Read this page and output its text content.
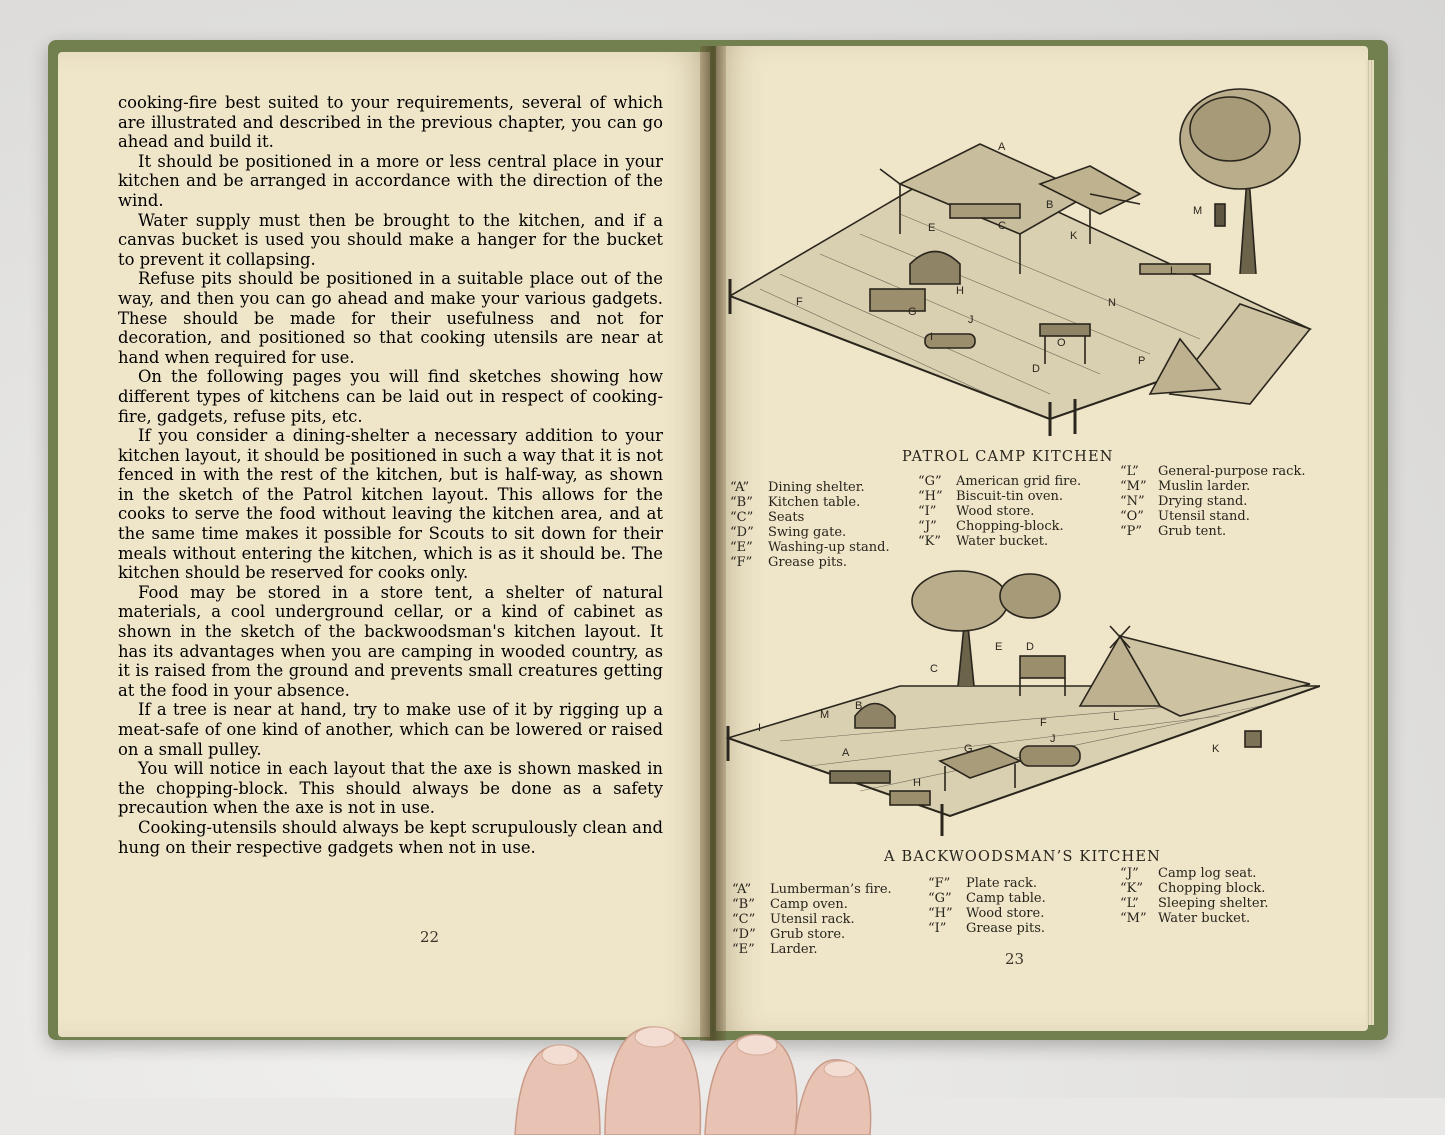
cooking-fire best suited to your requirements, several of which are illustrated and described in the previous chapter, you can go ahead and build it.

It should be positioned in a more or less central place in your kitchen and be arranged in accordance with the direction of the wind.

Water supply must then be brought to the kitchen, and if a canvas bucket is used you should make a hanger for the bucket to prevent it collapsing.

Refuse pits should be positioned in a suitable place out of the way, and then you can go ahead and make your various gadgets. These should be made for their usefulness and not for decoration, and positioned so that cooking utensils are near at hand when required for use.

On the following pages you will find sketches showing how different types of kitchens can be laid out in respect of cooking-fire, gadgets, refuse pits, etc.

If you consider a dining-shelter a necessary addition to your kitchen layout, it should be positioned in such a way that it is not fenced in with the rest of the kitchen, but is half-way, as shown in the sketch of the Patrol kitchen layout. This allows for the cooks to serve the food without leaving the kitchen area, and at the same time makes it possible for Scouts to sit down for their meals without entering the kitchen, which is as it should be. The kitchen should be reserved for cooks only.

Food may be stored in a store tent, a shelter of natural materials, a cool underground cellar, or a kind of cabinet as shown in the sketch of the backwoodsman's kitchen layout. It has its advantages when you are camping in wooded country, as it is raised from the ground and prevents small creatures getting at the food in your absence.

If a tree is near at hand, try to make use of it by rigging up a meat-safe of one kind of another, which can be lowered or raised on a small pulley.

You will notice in each layout that the axe is shown masked in the chopping-block. This should always be done as a safety precaution when the axe is not in use.

Cooking-utensils should always be kept scrupulously clean and hung on their respective gadgets when not in use.

22
A
B
C
D
E
F
G
H
I
J
K
L
M
N
O
P
PATROL CAMP KITCHEN
“A” Dining shelter.
“B” Kitchen table.
“C” Seats
“D” Swing gate.
“E” Washing-up stand.
“F” Grease pits.
“G” American grid fire.
“H” Biscuit-tin oven.
“I” Wood store.
“J” Chopping-block.
“K” Water bucket.
“L” General-purpose rack.
“M” Muslin larder.
“N” Drying stand.
“O” Utensil stand.
“P” Grub tent.
A
B
C
D
E
F
G
H
I
J
K
L
M
A BACKWOODSMAN’S KITCHEN
“A” Lumberman’s fire.
“B” Camp oven.
“C” Utensil rack.
“D” Grub store.
“E” Larder.
“F” Plate rack.
“G” Camp table.
“H” Wood store.
“I” Grease pits.
“J” Camp log seat.
“K” Chopping block.
“L” Sleeping shelter.
“M” Water bucket.
23
